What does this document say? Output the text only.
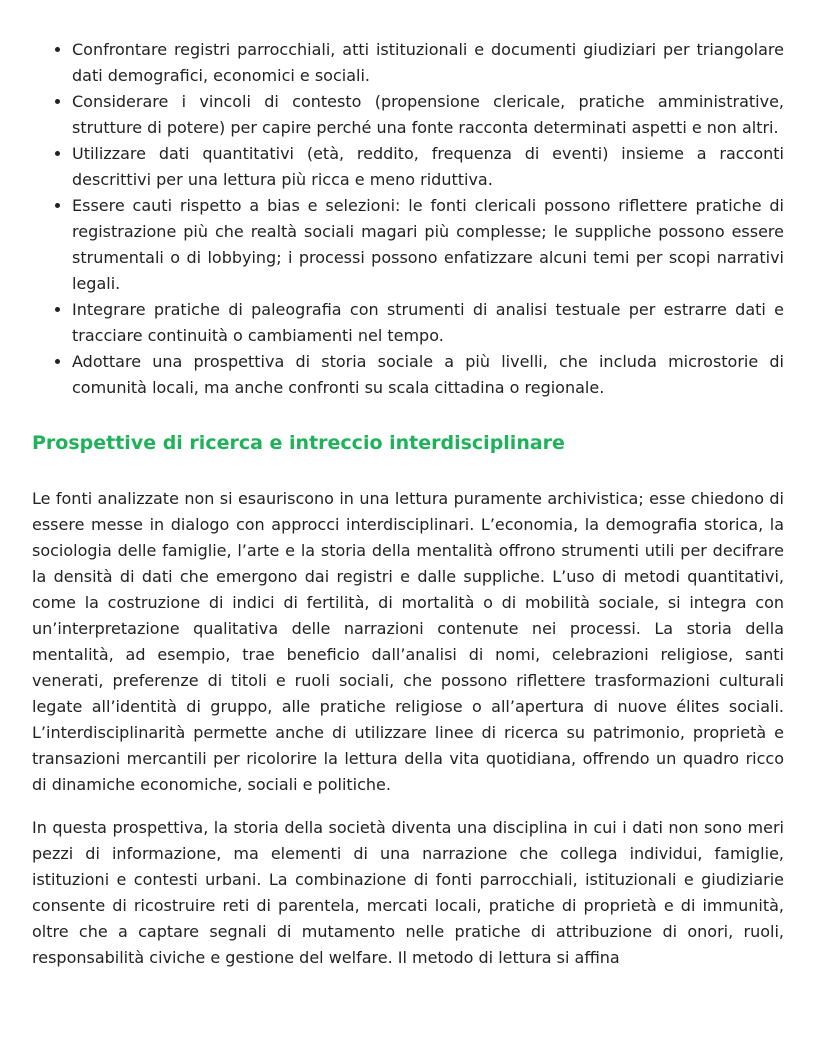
• Confrontare registri parrocchiali, atti istituzionali e documenti giudiziari per triangolare dati demografici, economici e sociali.
• Considerare i vincoli di contesto (propensione clericale, pratiche amministrative, strutture di potere) per capire perché una fonte racconta determinati aspetti e non altri.
• Utilizzare dati quantitativi (età, reddito, frequenza di eventi) insieme a racconti descrittivi per una lettura più ricca e meno riduttiva.
• Essere cauti rispetto a bias e selezioni: le fonti clericali possono riflettere pratiche di registrazione più che realtà sociali magari più complesse; le suppliche possono essere strumentali o di lobbying; i processi possono enfatizzare alcuni temi per scopi narrativi legali.
• Integrare pratiche di paleografia con strumenti di analisi testuale per estrarre dati e tracciare continuità o cambiamenti nel tempo.
• Adottare una prospettiva di storia sociale a più livelli, che includa microstorie di comunità locali, ma anche confronti su scala cittadina o regionale.
Prospettive di ricerca e intreccio interdisciplinare

Le fonti analizzate non si esauriscono in una lettura puramente archivistica; esse chiedono di essere messe in dialogo con approcci interdisciplinari. L’economia, la demografia storica, la sociologia delle famiglie, l’arte e la storia della mentalità offrono strumenti utili per decifrare la densità di dati che emergono dai registri e dalle suppliche. L’uso di metodi quantitativi, come la costruzione di indici di fertilità, di mortalità o di mobilità sociale, si integra con un’interpretazione qualitativa delle narrazioni contenute nei processi. La storia della mentalità, ad esempio, trae beneficio dall’analisi di nomi, celebrazioni religiose, santi venerati, preferenze di titoli e ruoli sociali, che possono riflettere trasformazioni culturali legate all’identità di gruppo, alle pratiche religiose o all’apertura di nuove élites sociali. L’interdisciplinarità permette anche di utilizzare linee di ricerca su patrimonio, proprietà e transazioni mercantili per ricolorire la lettura della vita quotidiana, offrendo un quadro ricco di dinamiche economiche, sociali e politiche.

In questa prospettiva, la storia della società diventa una disciplina in cui i dati non sono meri pezzi di informazione, ma elementi di una narrazione che collega individui, famiglie, istituzioni e contesti urbani. La combinazione di fonti parrocchiali, istituzionali e giudiziarie consente di ricostruire reti di parentela, mercati locali, pratiche di proprietà e di immunità, oltre che a captare segnali di mutamento nelle pratiche di attribuzione di onori, ruoli, responsabilità civiche e gestione del welfare. Il metodo di lettura si affina
